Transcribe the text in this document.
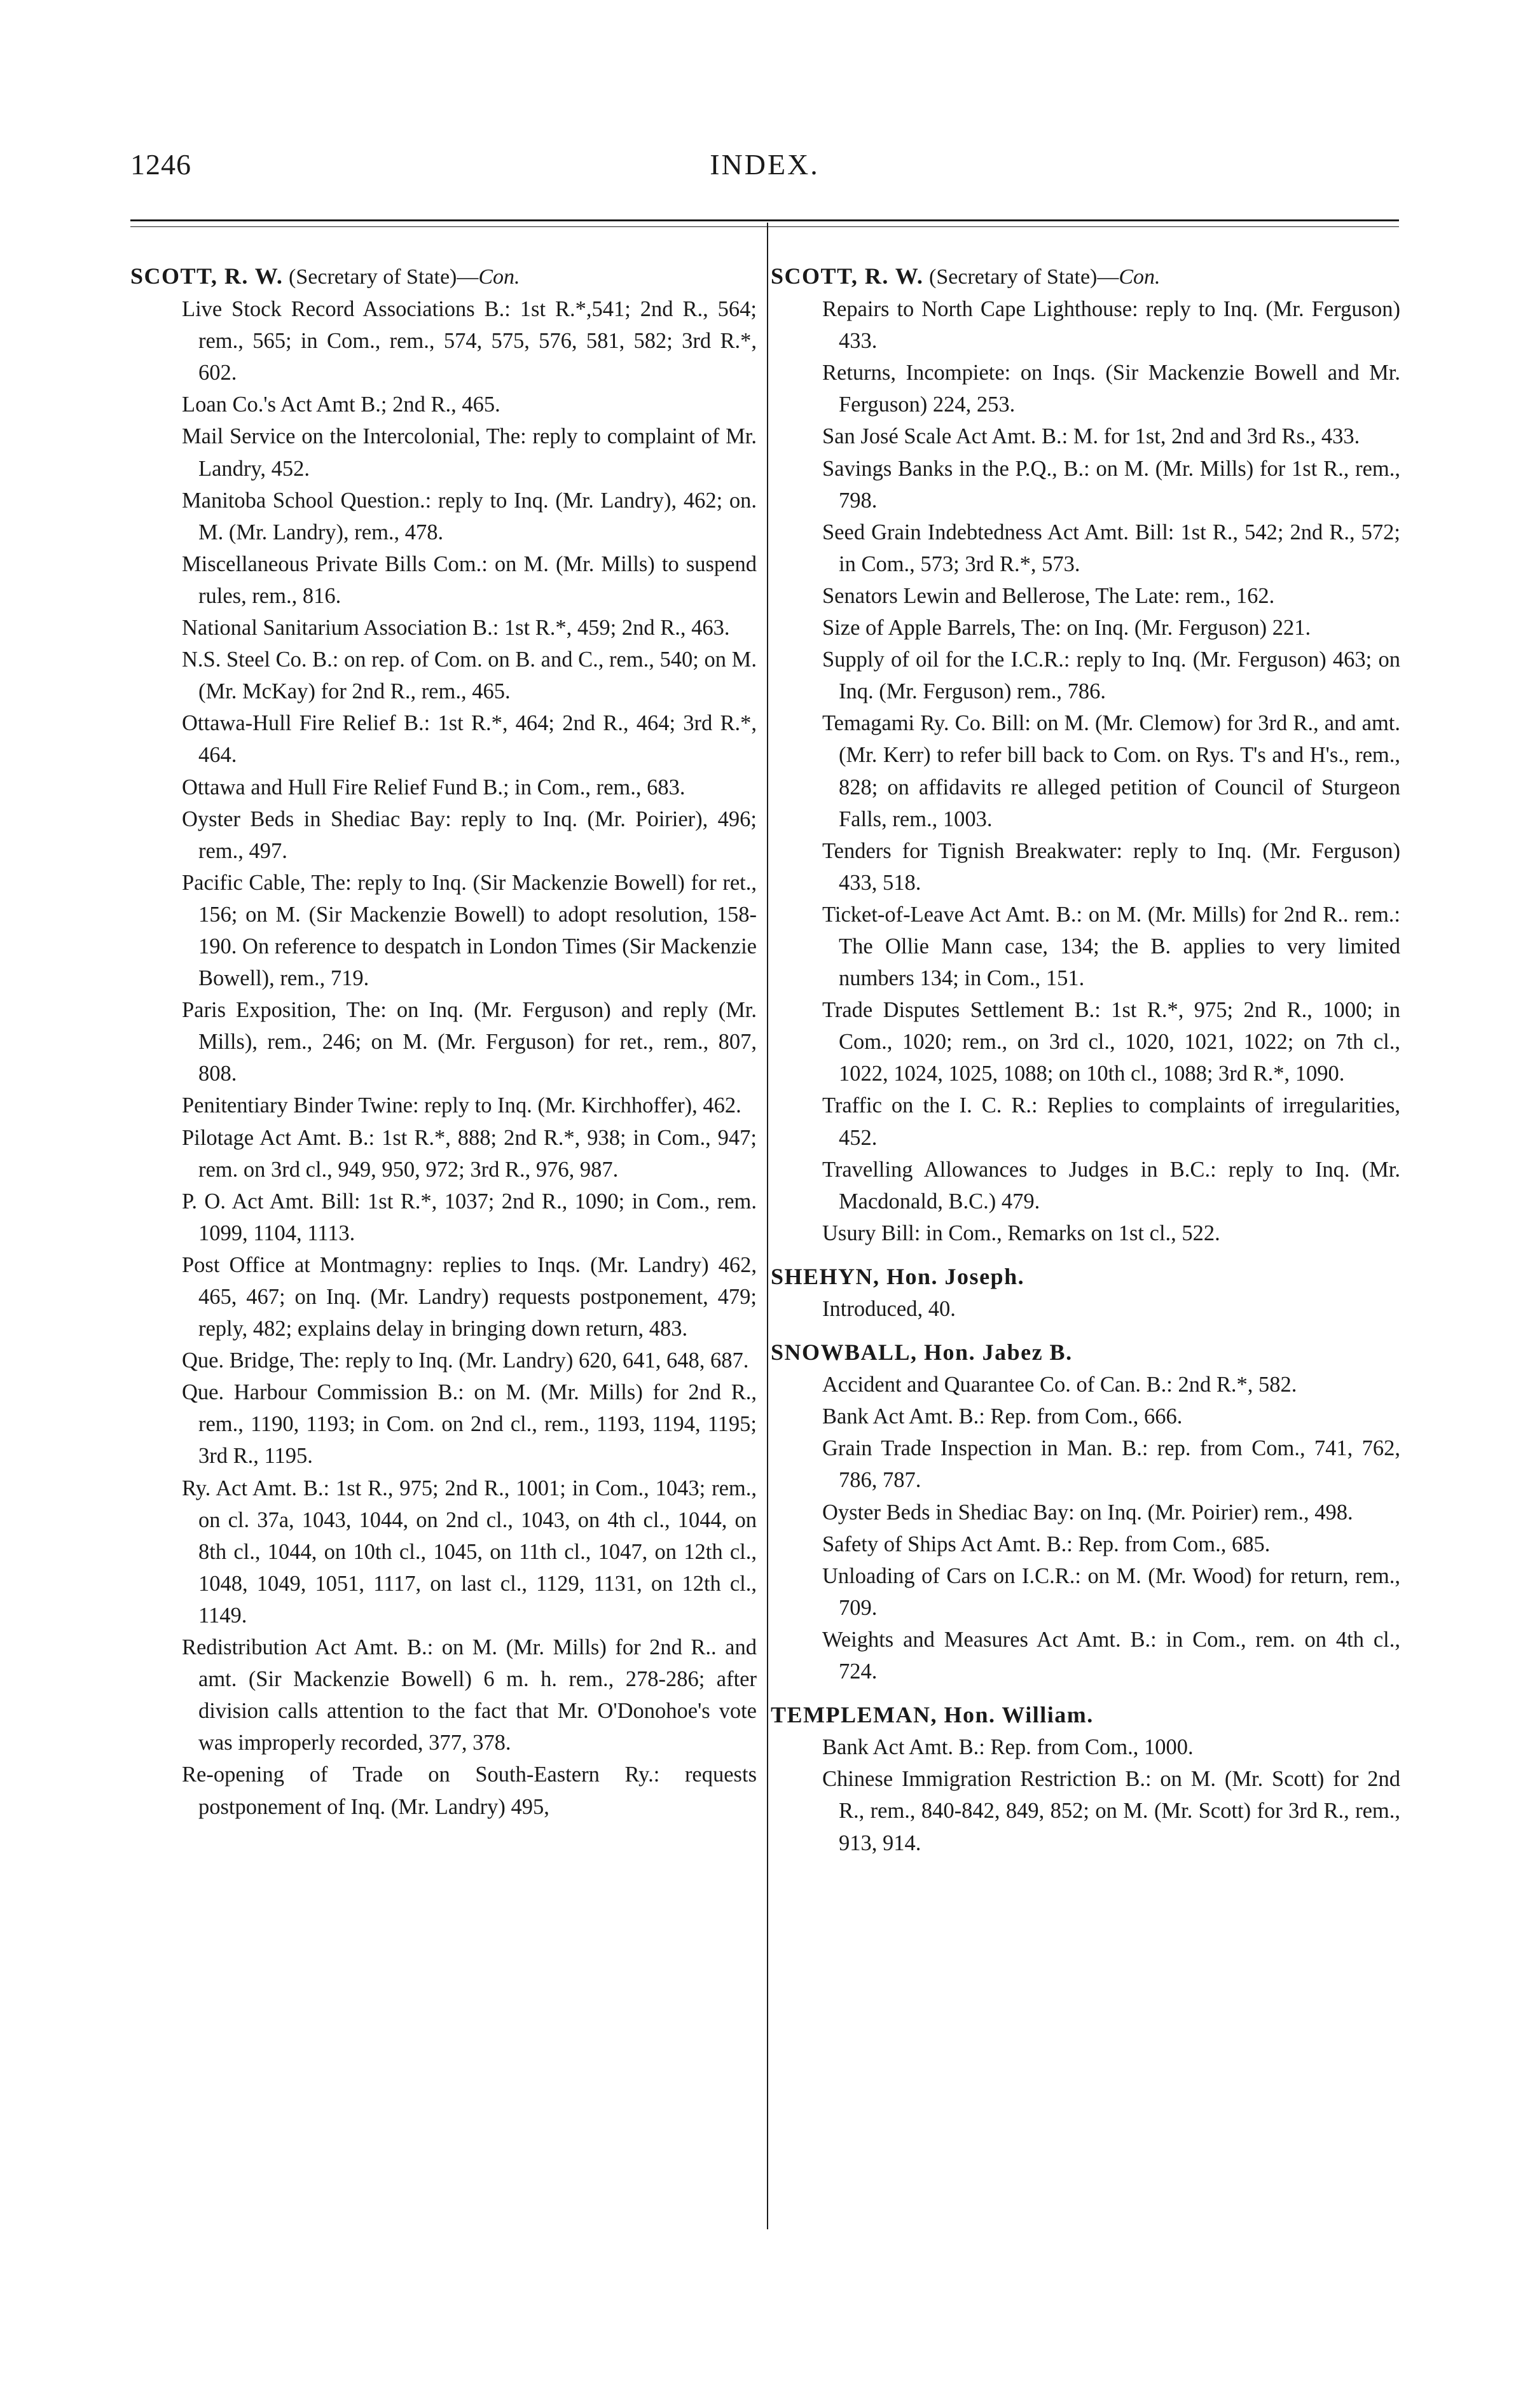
1246	INDEX.
SCOTT, R. W. (Secretary of State)—Con.
Live Stock Record Associations B.: 1st R.*,541; 2nd R., 564; rem., 565; in Com., rem., 574, 575, 576, 581, 582; 3rd R.*, 602.
Loan Co.'s Act Amt B.; 2nd R., 465.
Mail Service on the Intercolonial, The: reply to complaint of Mr. Landry, 452.
Manitoba School Question.: reply to Inq. (Mr. Landry), 462; on. M. (Mr. Landry), rem., 478.
Miscellaneous Private Bills Com.: on M. (Mr. Mills) to suspend rules, rem., 816.
National Sanitarium Association B.: 1st R.*, 459; 2nd R., 463.
N.S. Steel Co. B.: on rep. of Com. on B. and C., rem., 540; on M. (Mr. McKay) for 2nd R., rem., 465.
Ottawa-Hull Fire Relief B.: 1st R.*, 464; 2nd R., 464; 3rd R.*, 464.
Ottawa and Hull Fire Relief Fund B.; in Com., rem., 683.
Oyster Beds in Shediac Bay: reply to Inq. (Mr. Poirier), 496; rem., 497.
Pacific Cable, The: reply to Inq. (Sir Mackenzie Bowell) for ret., 156; on M. (Sir Mackenzie Bowell) to adopt resolution, 158-190. On reference to despatch in London Times (Sir Mackenzie Bowell), rem., 719.
Paris Exposition, The: on Inq. (Mr. Ferguson) and reply (Mr. Mills), rem., 246; on M. (Mr. Ferguson) for ret., rem., 807, 808.
Penitentiary Binder Twine: reply to Inq. (Mr. Kirchhoffer), 462.
Pilotage Act Amt. B.: 1st R.*, 888; 2nd R.*, 938; in Com., 947; rem. on 3rd cl., 949, 950, 972; 3rd R., 976, 987.
P. O. Act Amt. Bill: 1st R.*, 1037; 2nd R., 1090; in Com., rem. 1099, 1104, 1113.
Post Office at Montmagny: replies to Inqs. (Mr. Landry) 462, 465, 467; on Inq. (Mr. Landry) requests postponement, 479; reply, 482; explains delay in bringing down return, 483.
Que. Bridge, The: reply to Inq. (Mr. Landry) 620, 641, 648, 687.
Que. Harbour Commission B.: on M. (Mr. Mills) for 2nd R., rem., 1190, 1193; in Com. on 2nd cl., rem., 1193, 1194, 1195; 3rd R., 1195.
Ry. Act Amt. B.: 1st R., 975; 2nd R., 1001; in Com., 1043; rem., on cl. 37a, 1043, 1044, on 2nd cl., 1043, on 4th cl., 1044, on 8th cl., 1044, on 10th cl., 1045, on 11th cl., 1047, on 12th cl., 1048, 1049, 1051, 1117, on last cl., 1129, 1131, on 12th cl., 1149.
Redistribution Act Amt. B.: on M. (Mr. Mills) for 2nd R.. and amt. (Sir Mackenzie Bowell) 6 m. h. rem., 278-286; after division calls attention to the fact that Mr. O'Donohoe's vote was improperly recorded, 377, 378.
Re-opening of Trade on South-Eastern Ry.: requests postponement of Inq. (Mr. Landry) 495,
SCOTT, R. W. (Secretary of State)—Con.
Repairs to North Cape Lighthouse: reply to Inq. (Mr. Ferguson) 433.
Returns, Incompiete: on Inqs. (Sir Mackenzie Bowell and Mr. Ferguson) 224, 253.
San José Scale Act Amt. B.: M. for 1st, 2nd and 3rd Rs., 433.
Savings Banks in the P.Q., B.: on M. (Mr. Mills) for 1st R., rem., 798.
Seed Grain Indebtedness Act Amt. Bill: 1st R., 542; 2nd R., 572; in Com., 573; 3rd R.*, 573.
Senators Lewin and Bellerose, The Late: rem., 162.
Size of Apple Barrels, The: on Inq. (Mr. Ferguson) 221.
Supply of oil for the I.C.R.: reply to Inq. (Mr. Ferguson) 463; on Inq. (Mr. Ferguson) rem., 786.
Temagami Ry. Co. Bill: on M. (Mr. Clemow) for 3rd R., and amt. (Mr. Kerr) to refer bill back to Com. on Rys. T's and H's., rem., 828; on affidavits re alleged petition of Council of Sturgeon Falls, rem., 1003.
Tenders for Tignish Breakwater: reply to Inq. (Mr. Ferguson) 433, 518.
Ticket-of-Leave Act Amt. B.: on M. (Mr. Mills) for 2nd R.. rem.: The Ollie Mann case, 134; the B. applies to very limited numbers 134; in Com., 151.
Trade Disputes Settlement B.: 1st R.*, 975; 2nd R., 1000; in Com., 1020; rem., on 3rd cl., 1020, 1021, 1022; on 7th cl., 1022, 1024, 1025, 1088; on 10th cl., 1088; 3rd R.*, 1090.
Traffic on the I. C. R.: Replies to complaints of irregularities, 452.
Travelling Allowances to Judges in B.C.: reply to Inq. (Mr. Macdonald, B.C.) 479.
Usury Bill: in Com., Remarks on 1st cl., 522.
SHEHYN, Hon. Joseph.
Introduced, 40.
SNOWBALL, Hon. Jabez B.
Accident and Quarantee Co. of Can. B.: 2nd R.*, 582.
Bank Act Amt. B.: Rep. from Com., 666.
Grain Trade Inspection in Man. B.: rep. from Com., 741, 762, 786, 787.
Oyster Beds in Shediac Bay: on Inq. (Mr. Poirier) rem., 498.
Safety of Ships Act Amt. B.: Rep. from Com., 685.
Unloading of Cars on I.C.R.: on M. (Mr. Wood) for return, rem., 709.
Weights and Measures Act Amt. B.: in Com., rem. on 4th cl., 724.
TEMPLEMAN, Hon. William.
Bank Act Amt. B.: Rep. from Com., 1000.
Chinese Immigration Restriction B.: on M. (Mr. Scott) for 2nd R., rem., 840-842, 849, 852; on M. (Mr. Scott) for 3rd R., rem., 913, 914.
